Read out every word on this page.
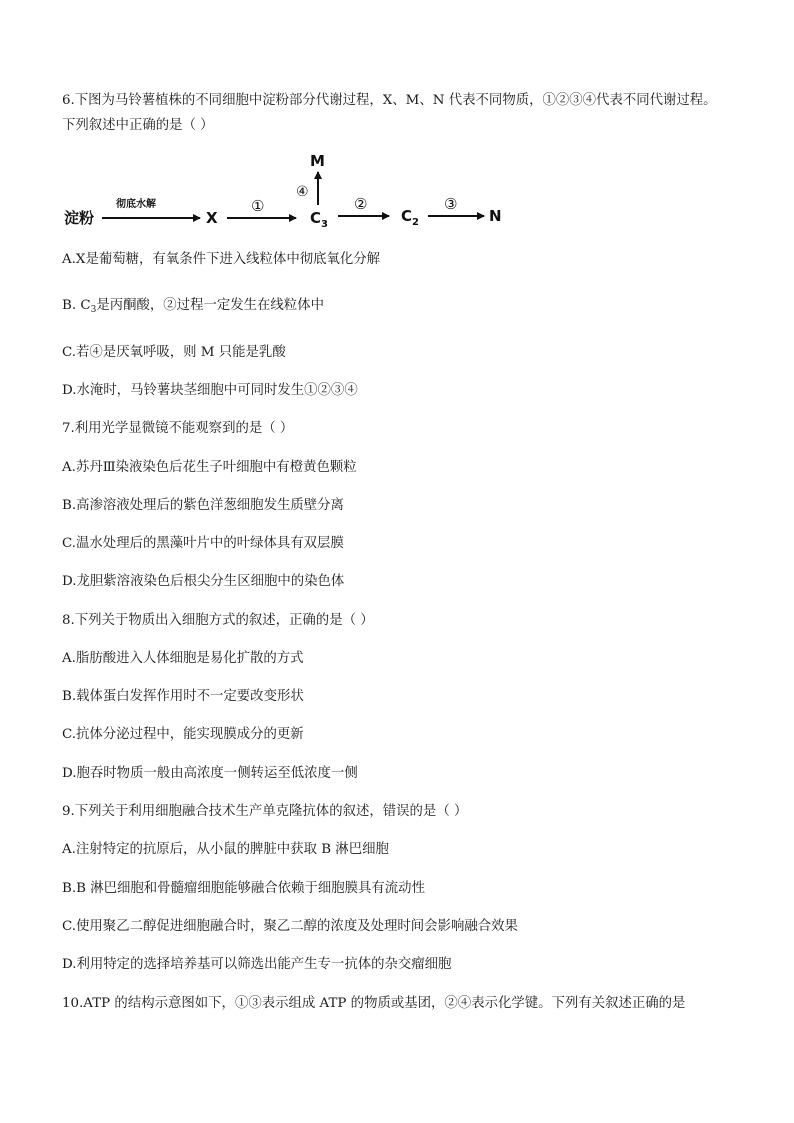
6.下图为马铃薯植株的不同细胞中淀粉部分代谢过程，X、M、N 代表不同物质，①②③④代表不同代谢过程。
下列叙述中正确的是（ ）
淀粉
彻底水解
X
①
$C_3$
④
M
②
$C_2$
③
N
A.X是葡萄糖，有氧条件下进入线粒体中彻底氧化分解
B. $C_3$是丙酮酸，②过程一定发生在线粒体中
C.若④是厌氧呼吸，则 M 只能是乳酸
D.水淹时，马铃薯块茎细胞中可同时发生①②③④
7.利用光学显微镜不能观察到的是（ ）
A.苏丹Ⅲ染液染色后花生子叶细胞中有橙黄色颗粒
B.高渗溶液处理后的紫色洋葱细胞发生质壁分离
C.温水处理后的黑藻叶片中的叶绿体具有双层膜
D.龙胆紫溶液染色后根尖分生区细胞中的染色体
8.下列关于物质出入细胞方式的叙述，正确的是（ ）
A.脂肪酸进入人体细胞是易化扩散的方式
B.载体蛋白发挥作用时不一定要改变形状
C.抗体分泌过程中，能实现膜成分的更新
D.胞吞时物质一般由高浓度一侧转运至低浓度一侧
9.下列关于利用细胞融合技术生产单克隆抗体的叙述，错误的是（ ）
A.注射特定的抗原后，从小鼠的脾脏中获取 B 淋巴细胞
B.B 淋巴细胞和骨髓瘤细胞能够融合依赖于细胞膜具有流动性
C.使用聚乙二醇促进细胞融合时，聚乙二醇的浓度及处理时间会影响融合效果
D.利用特定的选择培养基可以筛选出能产生专一抗体的杂交瘤细胞
10.ATP 的结构示意图如下，①③表示组成 ATP 的物质或基团，②④表示化学键。下列有关叙述正确的是
